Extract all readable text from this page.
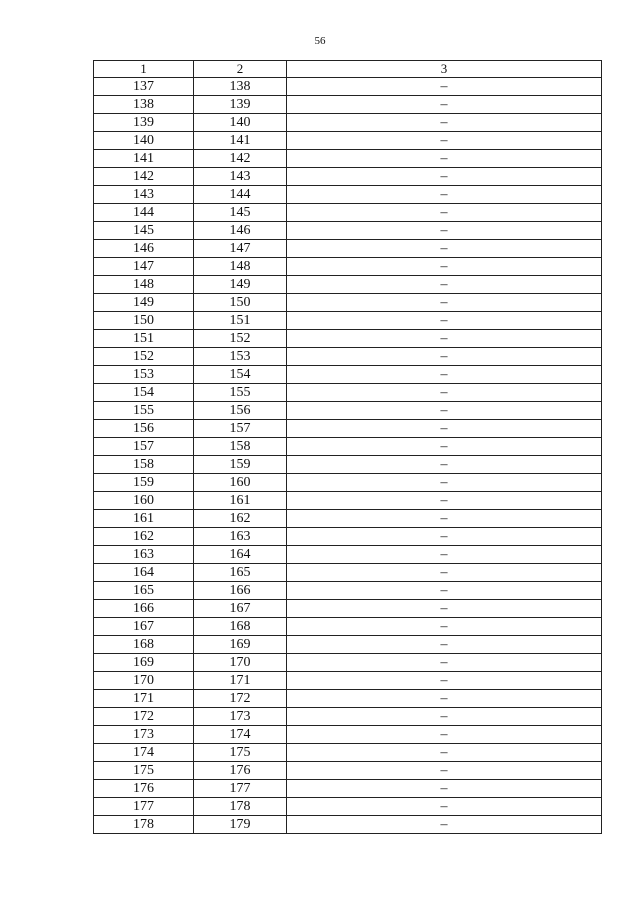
56
1	2	3
137	138	–
138	139	–
139	140	–
140	141	–
141	142	–
142	143	–
143	144	–
144	145	–
145	146	–
146	147	–
147	148	–
148	149	–
149	150	–
150	151	–
151	152	–
152	153	–
153	154	–
154	155	–
155	156	–
156	157	–
157	158	–
158	159	–
159	160	–
160	161	–
161	162	–
162	163	–
163	164	–
164	165	–
165	166	–
166	167	–
167	168	–
168	169	–
169	170	–
170	171	–
171	172	–
172	173	–
173	174	–
174	175	–
175	176	–
176	177	–
177	178	–
178	179	–
